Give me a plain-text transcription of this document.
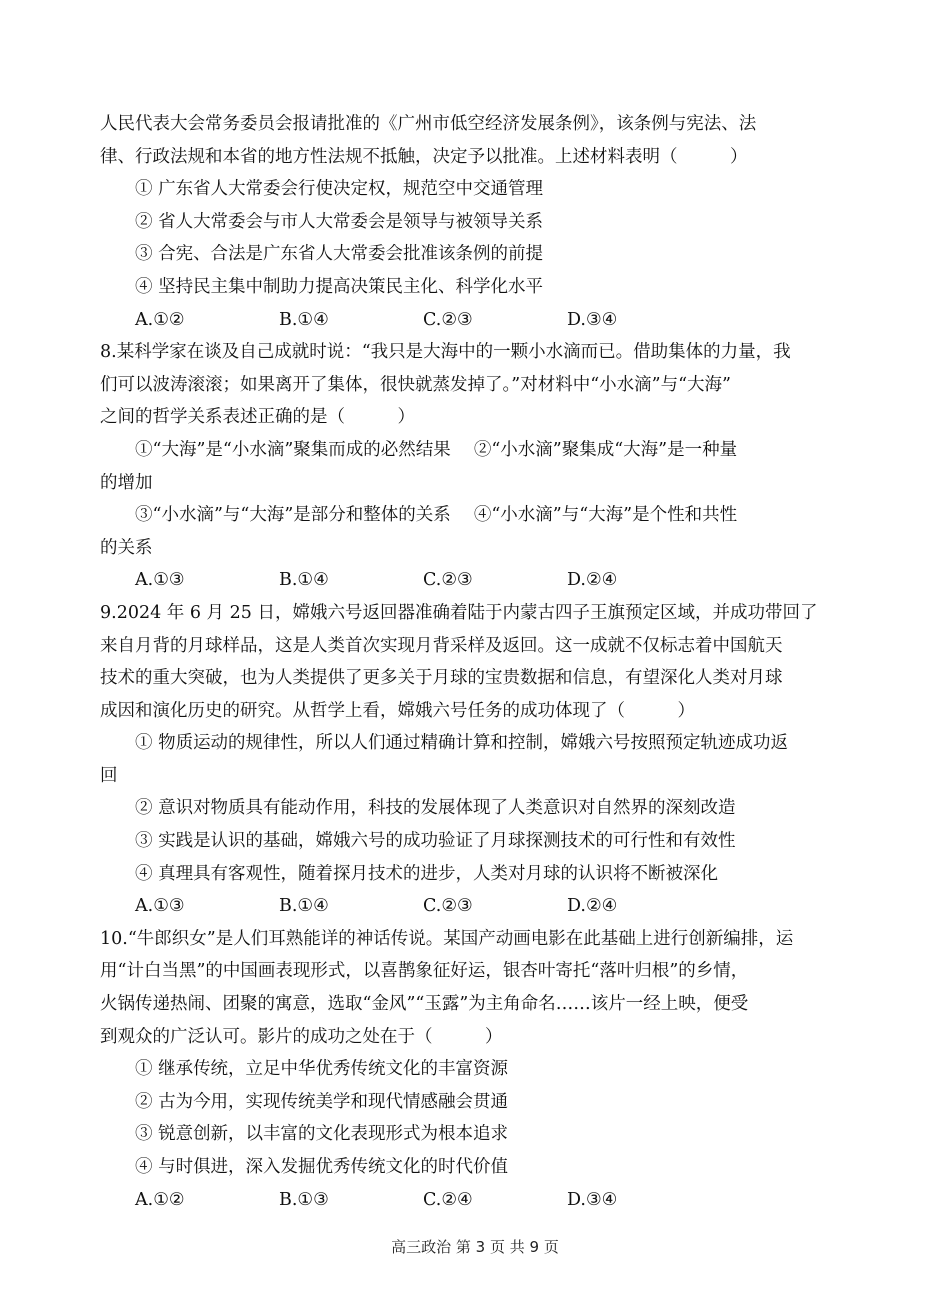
人民代表大会常务委员会报请批准的《广州市低空经济发展条例》，该条例与宪法、法
律、行政法规和本省的地方性法规不抵触，决定予以批准。上述材料表明（　　　）
① 广东省人大常委会行使决定权，规范空中交通管理
② 省人大常委会与市人大常委会是领导与被领导关系
③ 合宪、合法是广东省人大常委会批准该条例的前提
④ 坚持民主集中制助力提高决策民主化、科学化水平
A.①②	B.①④	C.②③	D.③④
8.某科学家在谈及自己成就时说：“我只是大海中的一颗小水滴而已。借助集体的力量，我
们可以波涛滚滚；如果离开了集体，很快就蒸发掉了。”对材料中“小水滴”与“大海”
之间的哲学关系表述正确的是（　　　）
①“大海”是“小水滴”聚集而成的必然结果　 ②“小水滴”聚集成“大海”是一种量
的增加
③“小水滴”与“大海”是部分和整体的关系　 ④“小水滴”与“大海”是个性和共性
的关系
A.①③	B.①④	C.②③	D.②④
9.2024 年 6 月 25 日，嫦娥六号返回器准确着陆于内蒙古四子王旗预定区域，并成功带回了
来自月背的月球样品，这是人类首次实现月背采样及返回。这一成就不仅标志着中国航天
技术的重大突破，也为人类提供了更多关于月球的宝贵数据和信息，有望深化人类对月球
成因和演化历史的研究。从哲学上看，嫦娥六号任务的成功体现了（　　　）
① 物质运动的规律性，所以人们通过精确计算和控制，嫦娥六号按照预定轨迹成功返
回
② 意识对物质具有能动作用，科技的发展体现了人类意识对自然界的深刻改造
③ 实践是认识的基础，嫦娥六号的成功验证了月球探测技术的可行性和有效性
④ 真理具有客观性，随着探月技术的进步，人类对月球的认识将不断被深化
A.①③	B.①④	C.②③	D.②④
10.“牛郎织女”是人们耳熟能详的神话传说。某国产动画电影在此基础上进行创新编排，运
用“计白当黑”的中国画表现形式，以喜鹊象征好运，银杏叶寄托“落叶归根”的乡情，
火锅传递热闹、团聚的寓意，选取“金风”“玉露”为主角命名……该片一经上映，便受
到观众的广泛认可。影片的成功之处在于（　　　）
① 继承传统，立足中华优秀传统文化的丰富资源
② 古为今用，实现传统美学和现代情感融会贯通
③ 锐意创新，以丰富的文化表现形式为根本追求
④ 与时俱进，深入发掘优秀传统文化的时代价值
A.①②	B.①③	C.②④	D.③④
高三政治 第 3 页 共 9 页
